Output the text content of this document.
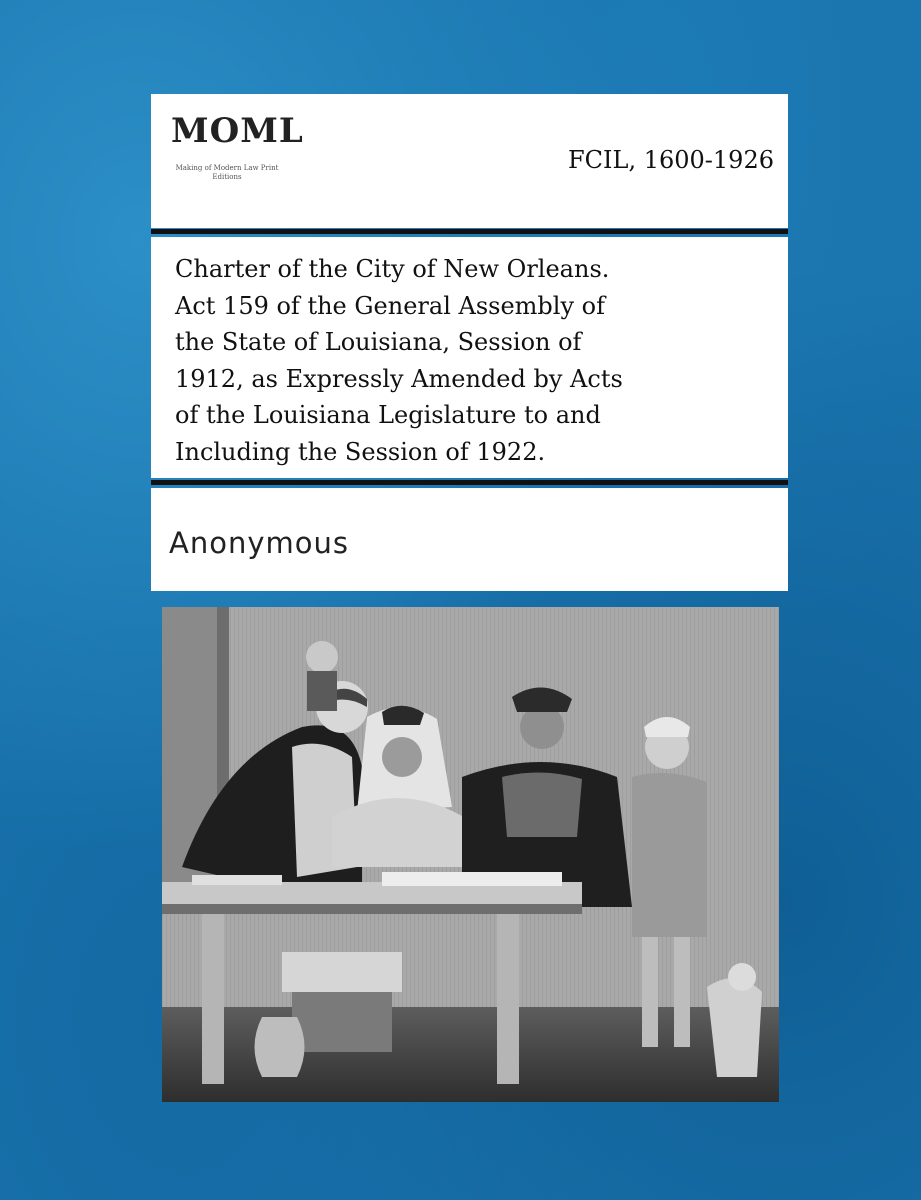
MOML
Making of Modern Law Print Editions
FCIL, 1600-1926
Charter of the City of New Orleans.
Act 159 of the General Assembly of
the State of Louisiana, Session of
1912, as Expressly Amended by Acts
of the Louisiana Legislature to and
Including the Session of 1922.
Anonymous
